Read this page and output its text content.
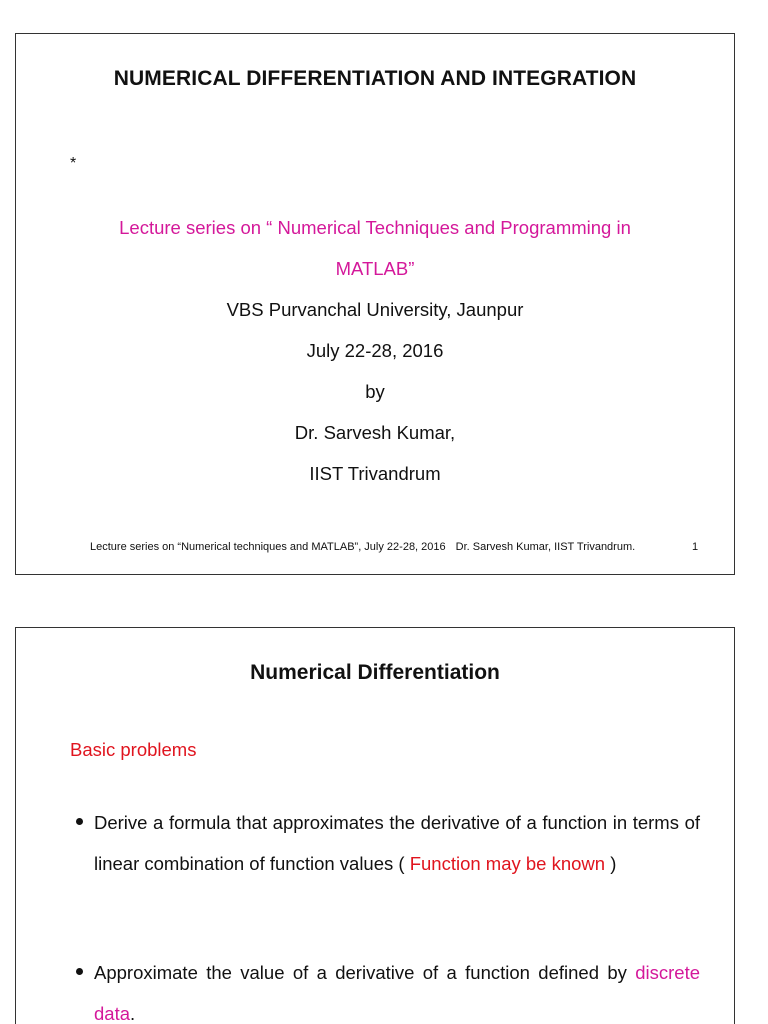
NUMERICAL DIFFERENTIATION AND INTEGRATION
*
Lecture series on “ Numerical Techniques and Programming in
MATLAB”
VBS Purvanchal University, Jaunpur
July 22-28, 2016
by
Dr. Sarvesh Kumar,
IIST Trivandrum
Lecture series on “Numerical techniques and MATLAB”, July 22-28, 2016 Dr. Sarvesh Kumar, IIST Trivandrum.	1
Numerical Differentiation
Basic problems
Derive a formula that approximates the derivative of a function in terms of linear combination of function values ( Function may be known )
Approximate the value of a derivative of a function defined by discrete data.
